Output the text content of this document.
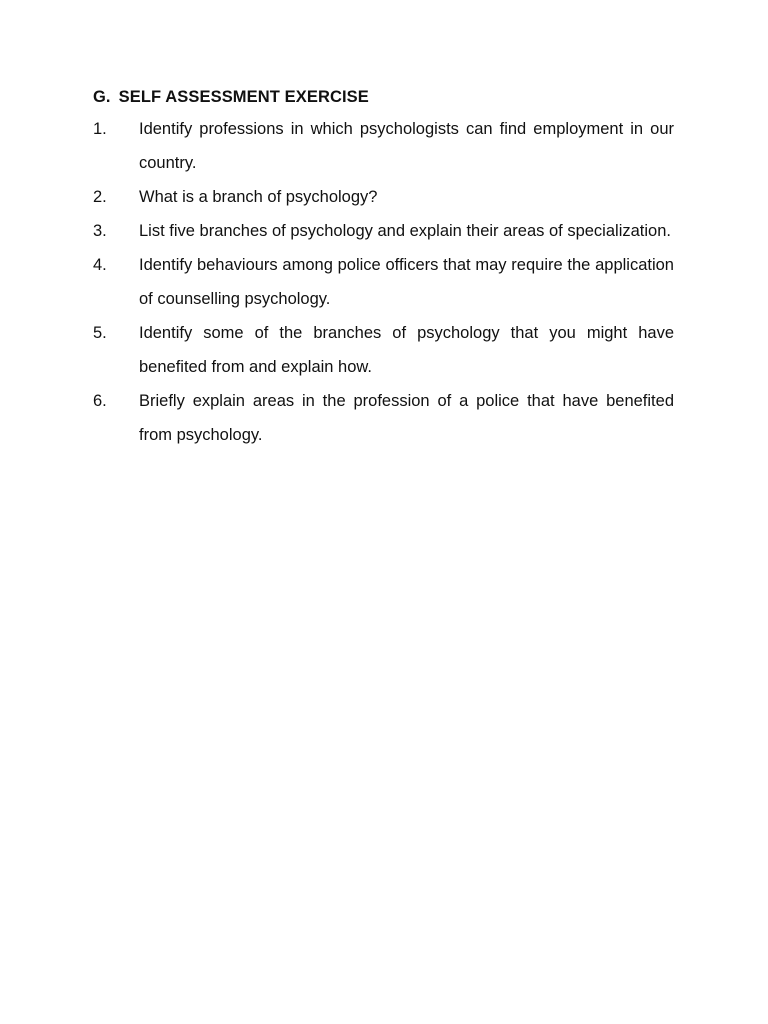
G. SELF ASSESSMENT EXERCISE
1.	Identify professions in which psychologists can find employment in our country.
2.	What is a branch of psychology?
3.	List five branches of psychology and explain their areas of specialization.
4.	Identify behaviours among police officers that may require the application of counselling psychology.
5.	Identify some of the branches of psychology that you might have benefited from and explain how.
6.	Briefly explain areas in the profession of a police that have benefited from psychology.
